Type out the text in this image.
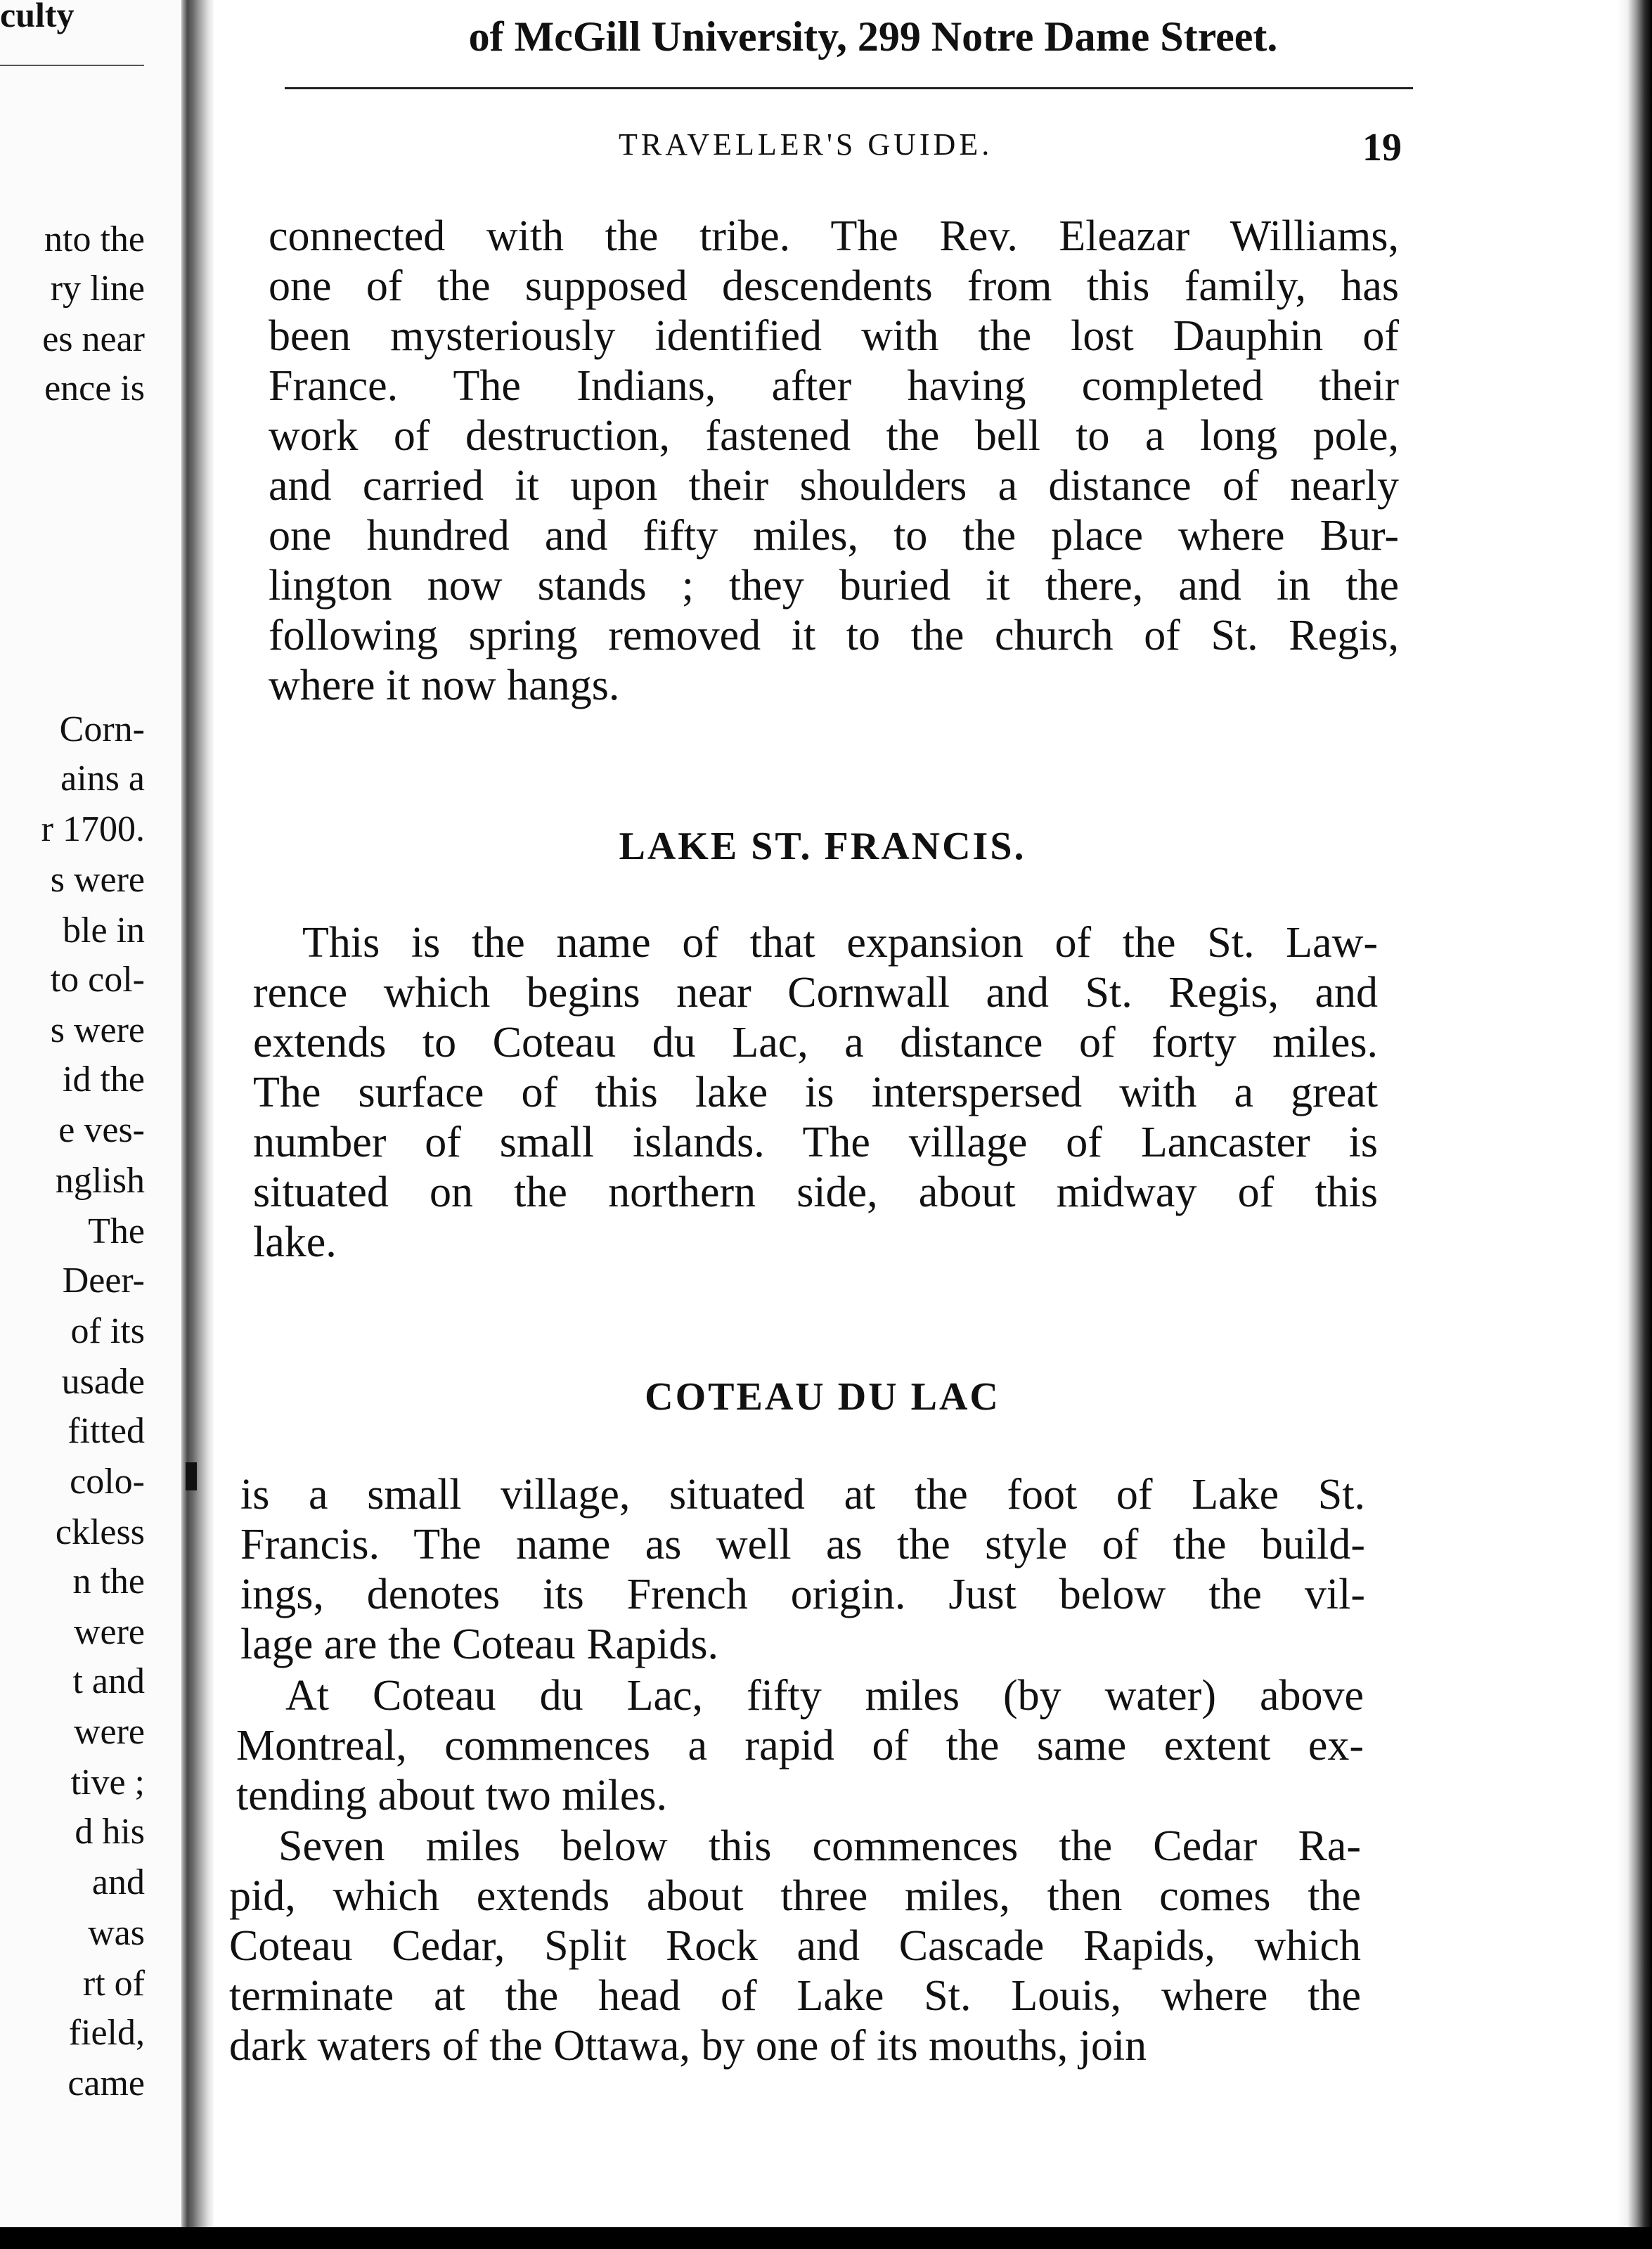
culty
nto the
ry line
es near
ence is
Corn-
ains a
r 1700.
s were
ble in
to col-
s were
id the
e ves-
nglish
The
Deer-
of its
usade
fitted
colo-
ckless
n the
were
t and
were
tive ;
d his
and
was
rt of
field,
came
of McGill University, 299 Notre Dame Street.
TRAVELLER'S GUIDE.	19
connected with the tribe. The Rev. Eleazar Williams,
one of the supposed descendents from this family, has
been mysteriously identified with the lost Dauphin of
France. The Indians, after having completed their
work of destruction, fastened the bell to a long pole,
and carried it upon their shoulders a distance of nearly
one hundred and fifty miles, to the place where Bur-
lington now stands ; they buried it there, and in the
following spring removed it to the church of St. Regis,
where it now hangs.
LAKE ST. FRANCIS.
This is the name of that expansion of the St. Law-
rence which begins near Cornwall and St. Regis, and
extends to Coteau du Lac, a distance of forty miles.
The surface of this lake is interspersed with a great
number of small islands. The village of Lancaster is
situated on the northern side, about midway of this
lake.
COTEAU DU LAC
is a small village, situated at the foot of Lake St.
Francis. The name as well as the style of the build-
ings, denotes its French origin. Just below the vil-
lage are the Coteau Rapids.
At Coteau du Lac, fifty miles (by water) above
Montreal, commences a rapid of the same extent ex-
tending about two miles.
Seven miles below this commences the Cedar Ra-
pid, which extends about three miles, then comes the
Coteau Cedar, Split Rock and Cascade Rapids, which
terminate at the head of Lake St. Louis, where the
dark waters of the Ottawa, by one of its mouths, join
